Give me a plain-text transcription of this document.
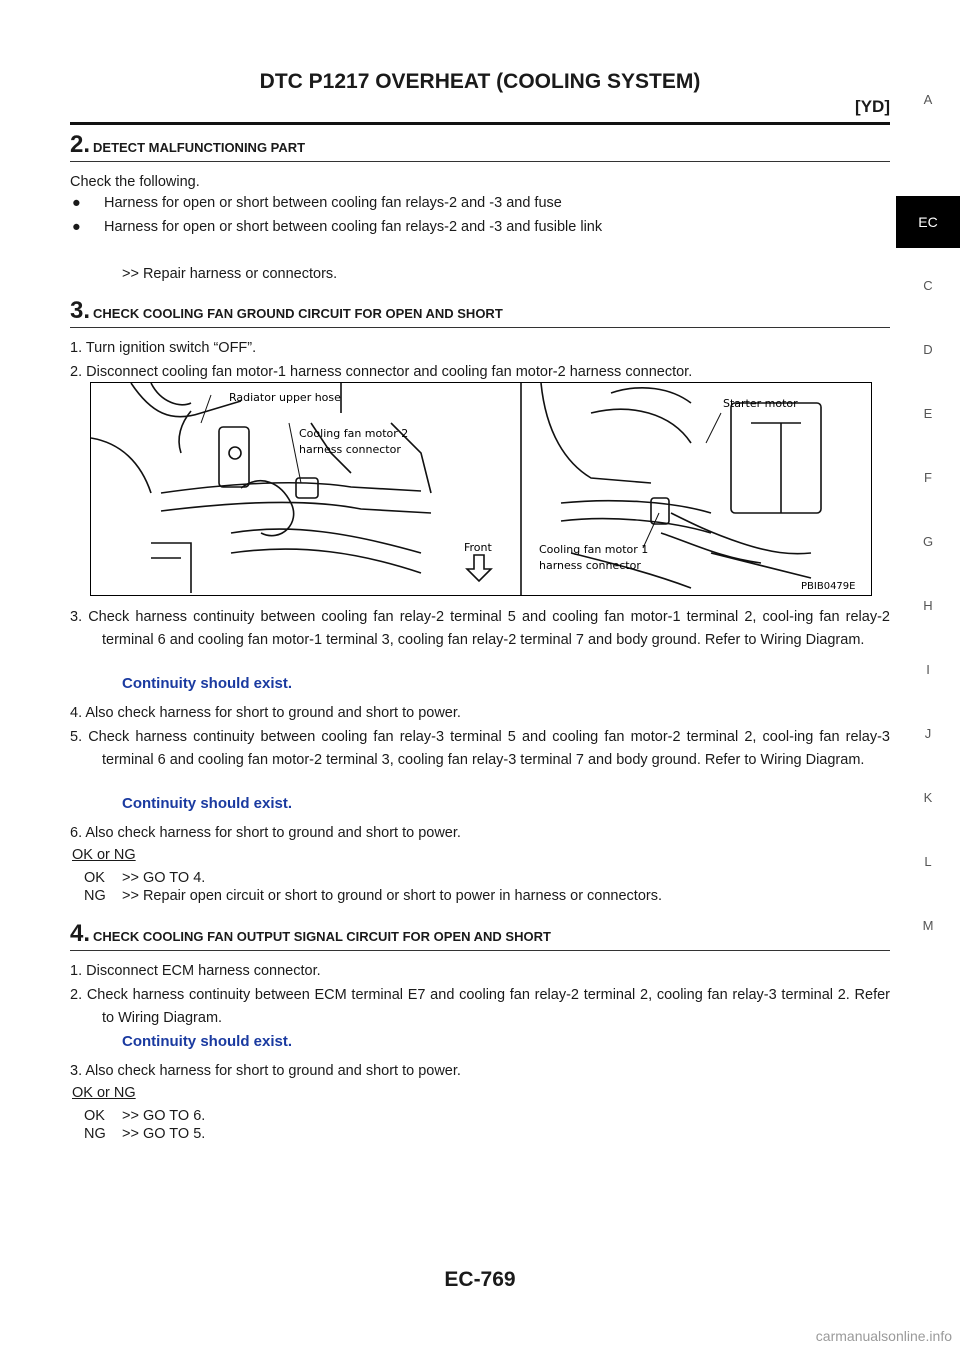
DTC P1217 OVERHEAT (COOLING SYSTEM)
[YD]	A
EC
C
D
E
F
G
H
I
J
K
L
M
2. DETECT MALFUNCTIONING PART
Check the following.
● Harness for open or short between cooling fan relays-2 and -3 and fuse
● Harness for open or short between cooling fan relays-2 and -3 and fusible link
>> Repair harness or connectors.
3. CHECK COOLING FAN GROUND CIRCUIT FOR OPEN AND SHORT
1. Turn ignition switch “OFF”.
2. Disconnect cooling fan motor-1 harness connector and cooling fan motor-2 harness connector.
Radiator upper hose
Cooling fan motor 2
harness connector
Front
Starter motor
Cooling fan motor 1
harness connector
PBIB0479E
3. Check harness continuity between cooling fan relay-2 terminal 5 and cooling fan motor-1 terminal 2, cool-ing fan relay-2 terminal 6 and cooling fan motor-1 terminal 3, cooling fan relay-2 terminal 7 and body ground. Refer to Wiring Diagram.
Continuity should exist.
4. Also check harness for short to ground and short to power.
5. Check harness continuity between cooling fan relay-3 terminal 5 and cooling fan motor-2 terminal 2, cool-ing fan relay-3 terminal 6 and cooling fan motor-2 terminal 3, cooling fan relay-3 terminal 7 and body ground. Refer to Wiring Diagram.
Continuity should exist.
6. Also check harness for short to ground and short to power.
OK or NG
OK >> GO TO 4.
NG >> Repair open circuit or short to ground or short to power in harness or connectors.
4. CHECK COOLING FAN OUTPUT SIGNAL CIRCUIT FOR OPEN AND SHORT
1. Disconnect ECM harness connector.
2. Check harness continuity between ECM terminal E7 and cooling fan relay-2 terminal 2, cooling fan relay-3 terminal 2. Refer to Wiring Diagram.
Continuity should exist.
3. Also check harness for short to ground and short to power.
OK or NG
OK >> GO TO 6.
NG >> GO TO 5.
EC-769
carmanualsonline.info
